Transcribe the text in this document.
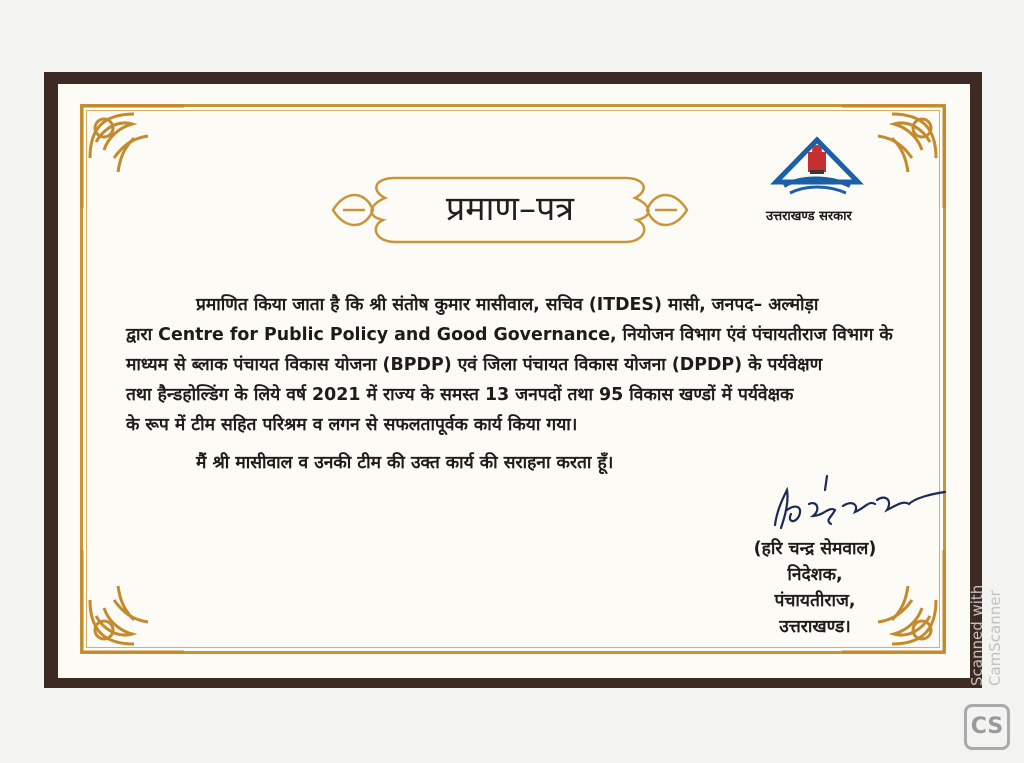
प्रमाण–पत्र	उत्तराखण्ड सरकार
प्रमाणित किया जाता है कि श्री संतोष कुमार मासीवाल, सचिव (ITDES) मासी, जनपद– अल्मोड़ा
द्वारा Centre for Public Policy and Good Governance, नियोजन विभाग एंवं पंचायतीराज विभाग के
माध्यम से ब्लाक पंचायत विकास योजना (BPDP) एवं जिला पंचायत विकास योजना (DPDP) के पर्यवेक्षण
तथा हैन्डहोल्डिंग के लिये वर्ष 2021 में राज्य के समस्त 13 जनपदों तथा 95 विकास खण्डों में पर्यवेक्षक
के रूप में टीम सहित परिश्रम व लगन से सफलतापूर्वक कार्य किया गया।
मैं श्री मासीवाल व उनकी टीम की उक्त कार्य की सराहना करता हूँ।
(हरि चन्द्र सेमवाल)
निदेशक,
पंचायतीराज,
उत्तराखण्ड।	Scanned with CamScanner
CS
